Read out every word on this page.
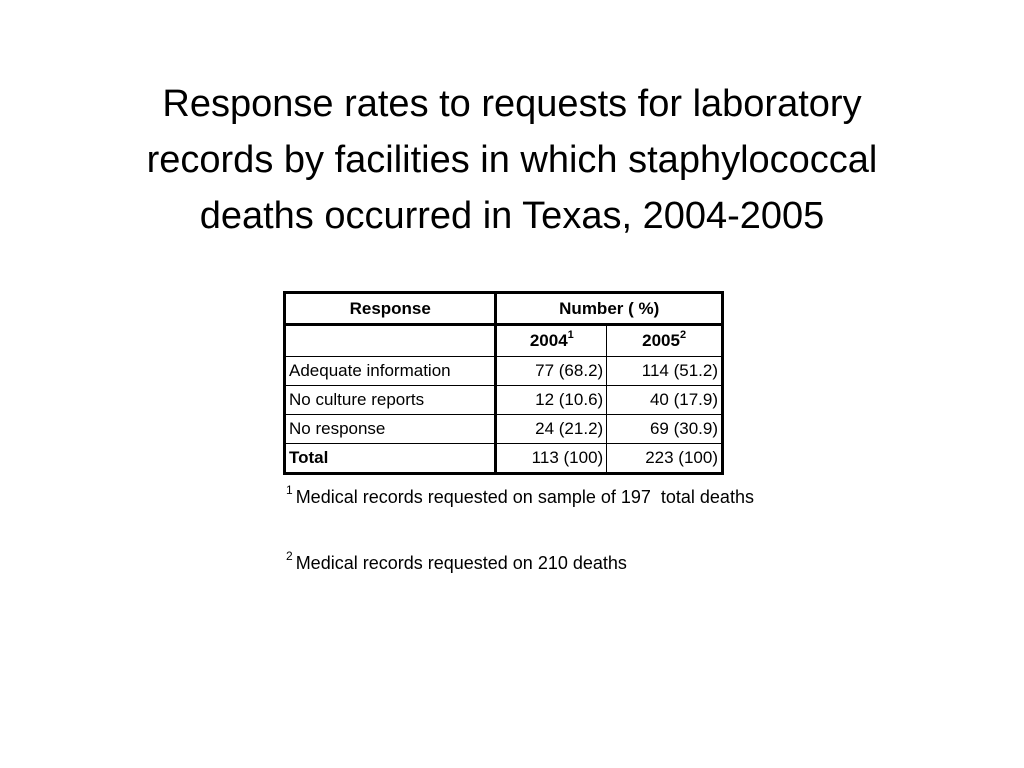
Response rates to requests for laboratory
records by facilities in which staphylococcal
deaths occurred in Texas, 2004-2005
Response	Number ( %)	
	2004$^1$	2005$^2$
Adequate information	77 (68.2)	114 (51.2)
No culture reports	12 (10.6)	40 (17.9)
No response	24 (21.2)	69 (30.9)
Total	113 (100)	223 (100)
$^1$ Medical records requested on sample of 197  total deaths
$^2$ Medical records requested on 210 deaths
